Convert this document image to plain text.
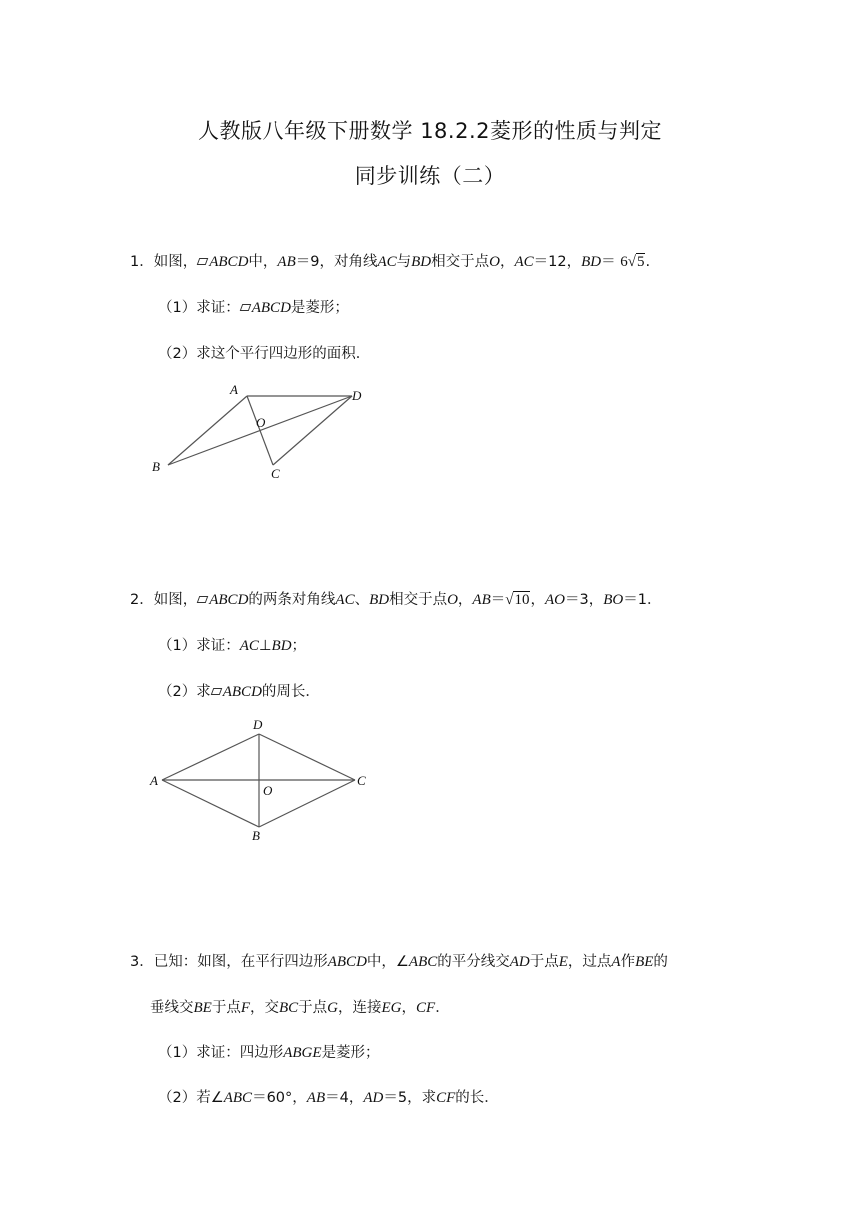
人教版八年级下册数学 18.2.2菱形的性质与判定
同步训练（二）
1．如图， ABCD中，AB＝9，对角线AC与BD相交于点O，AC＝12，BD＝ 6√5.
（1）求证： ABCD是菱形；
（2）求这个平行四边形的面积．
A	D
O
B	C
2．如图， ABCD的两条对角线AC、BD相交于点O，AB＝√10，AO＝3，BO＝1．
（1）求证：AC⊥BD；
（2）求 ABCD的周长．
D
A	C
O
B
3．已知：如图，在平行四边形ABCD中，∠ABC的平分线交AD于点E，过点A作BE的
垂线交BE于点F，交BC于点G，连接EG，CF．
（1）求证：四边形ABGE是菱形；
（2）若∠ABC＝60°，AB＝4，AD＝5，求CF的长．
